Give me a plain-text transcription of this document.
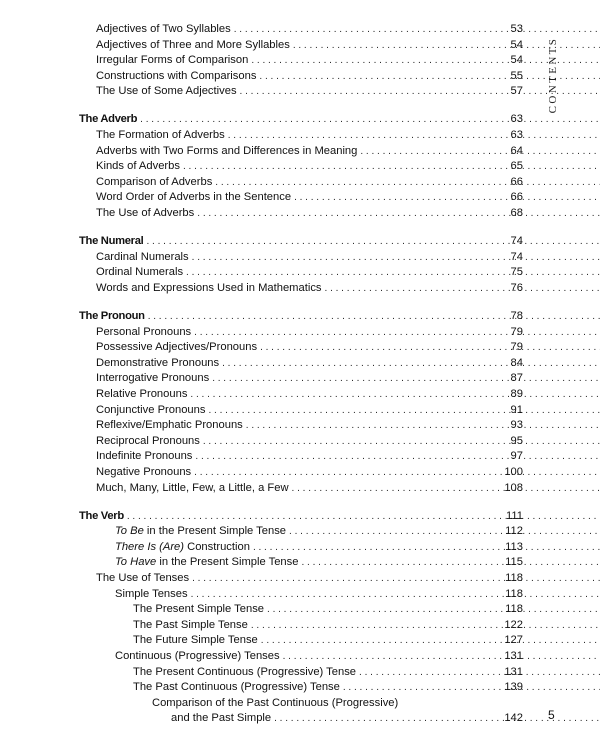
CONTENTS
Adjectives of Two Syllables . . .	53
Adjectives of Three and More Syllables . . .	54
Irregular Forms of Comparison . . .	54
Constructions with Comparisons . . .	55
The Use of Some Adjectives . . .	57
The Adverb . . .	63
The Formation of Adverbs . . .	63
Adverbs with Two Forms and Differences in Meaning . . .	64
Kinds of Adverbs . . .	65
Comparison of Adverbs . . .	66
Word Order of Adverbs in the Sentence . . .	66
The Use of Adverbs . . .	68
The Numeral . . .	74
Cardinal Numerals . . .	74
Ordinal Numerals . . .	75
Words and Expressions Used in Mathematics . . .	76
The Pronoun . . .	78
Personal Pronouns . . .	79
Possessive Adjectives/Pronouns . . .	79
Demonstrative Pronouns . . .	84
Interrogative Pronouns . . .	87
Relative Pronouns . . .	89
Conjunctive Pronouns . . .	91
Reflexive/Emphatic Pronouns . . .	93
Reciprocal Pronouns . . .	95
Indefinite Pronouns . . .	97
Negative Pronouns . . .	100
Much, Many, Little, Few, a Little, a Few . . .	108
The Verb . . .	111
To Be in the Present Simple Tense . . .	112
There Is (Are) Construction . . .	113
To Have in the Present Simple Tense . . .	115
The Use of Tenses . . .	118
Simple Tenses . . .	118
The Present Simple Tense . . .	118
The Past Simple Tense . . .	122
The Future Simple Tense . . .	127
Continuous (Progressive) Tenses . . .	131
The Present Continuous (Progressive) Tense . . .	131
The Past Continuous (Progressive) Tense . . .	139
Comparison of the Past Continuous (Progressive)
and the Past Simple . . .	142 5
